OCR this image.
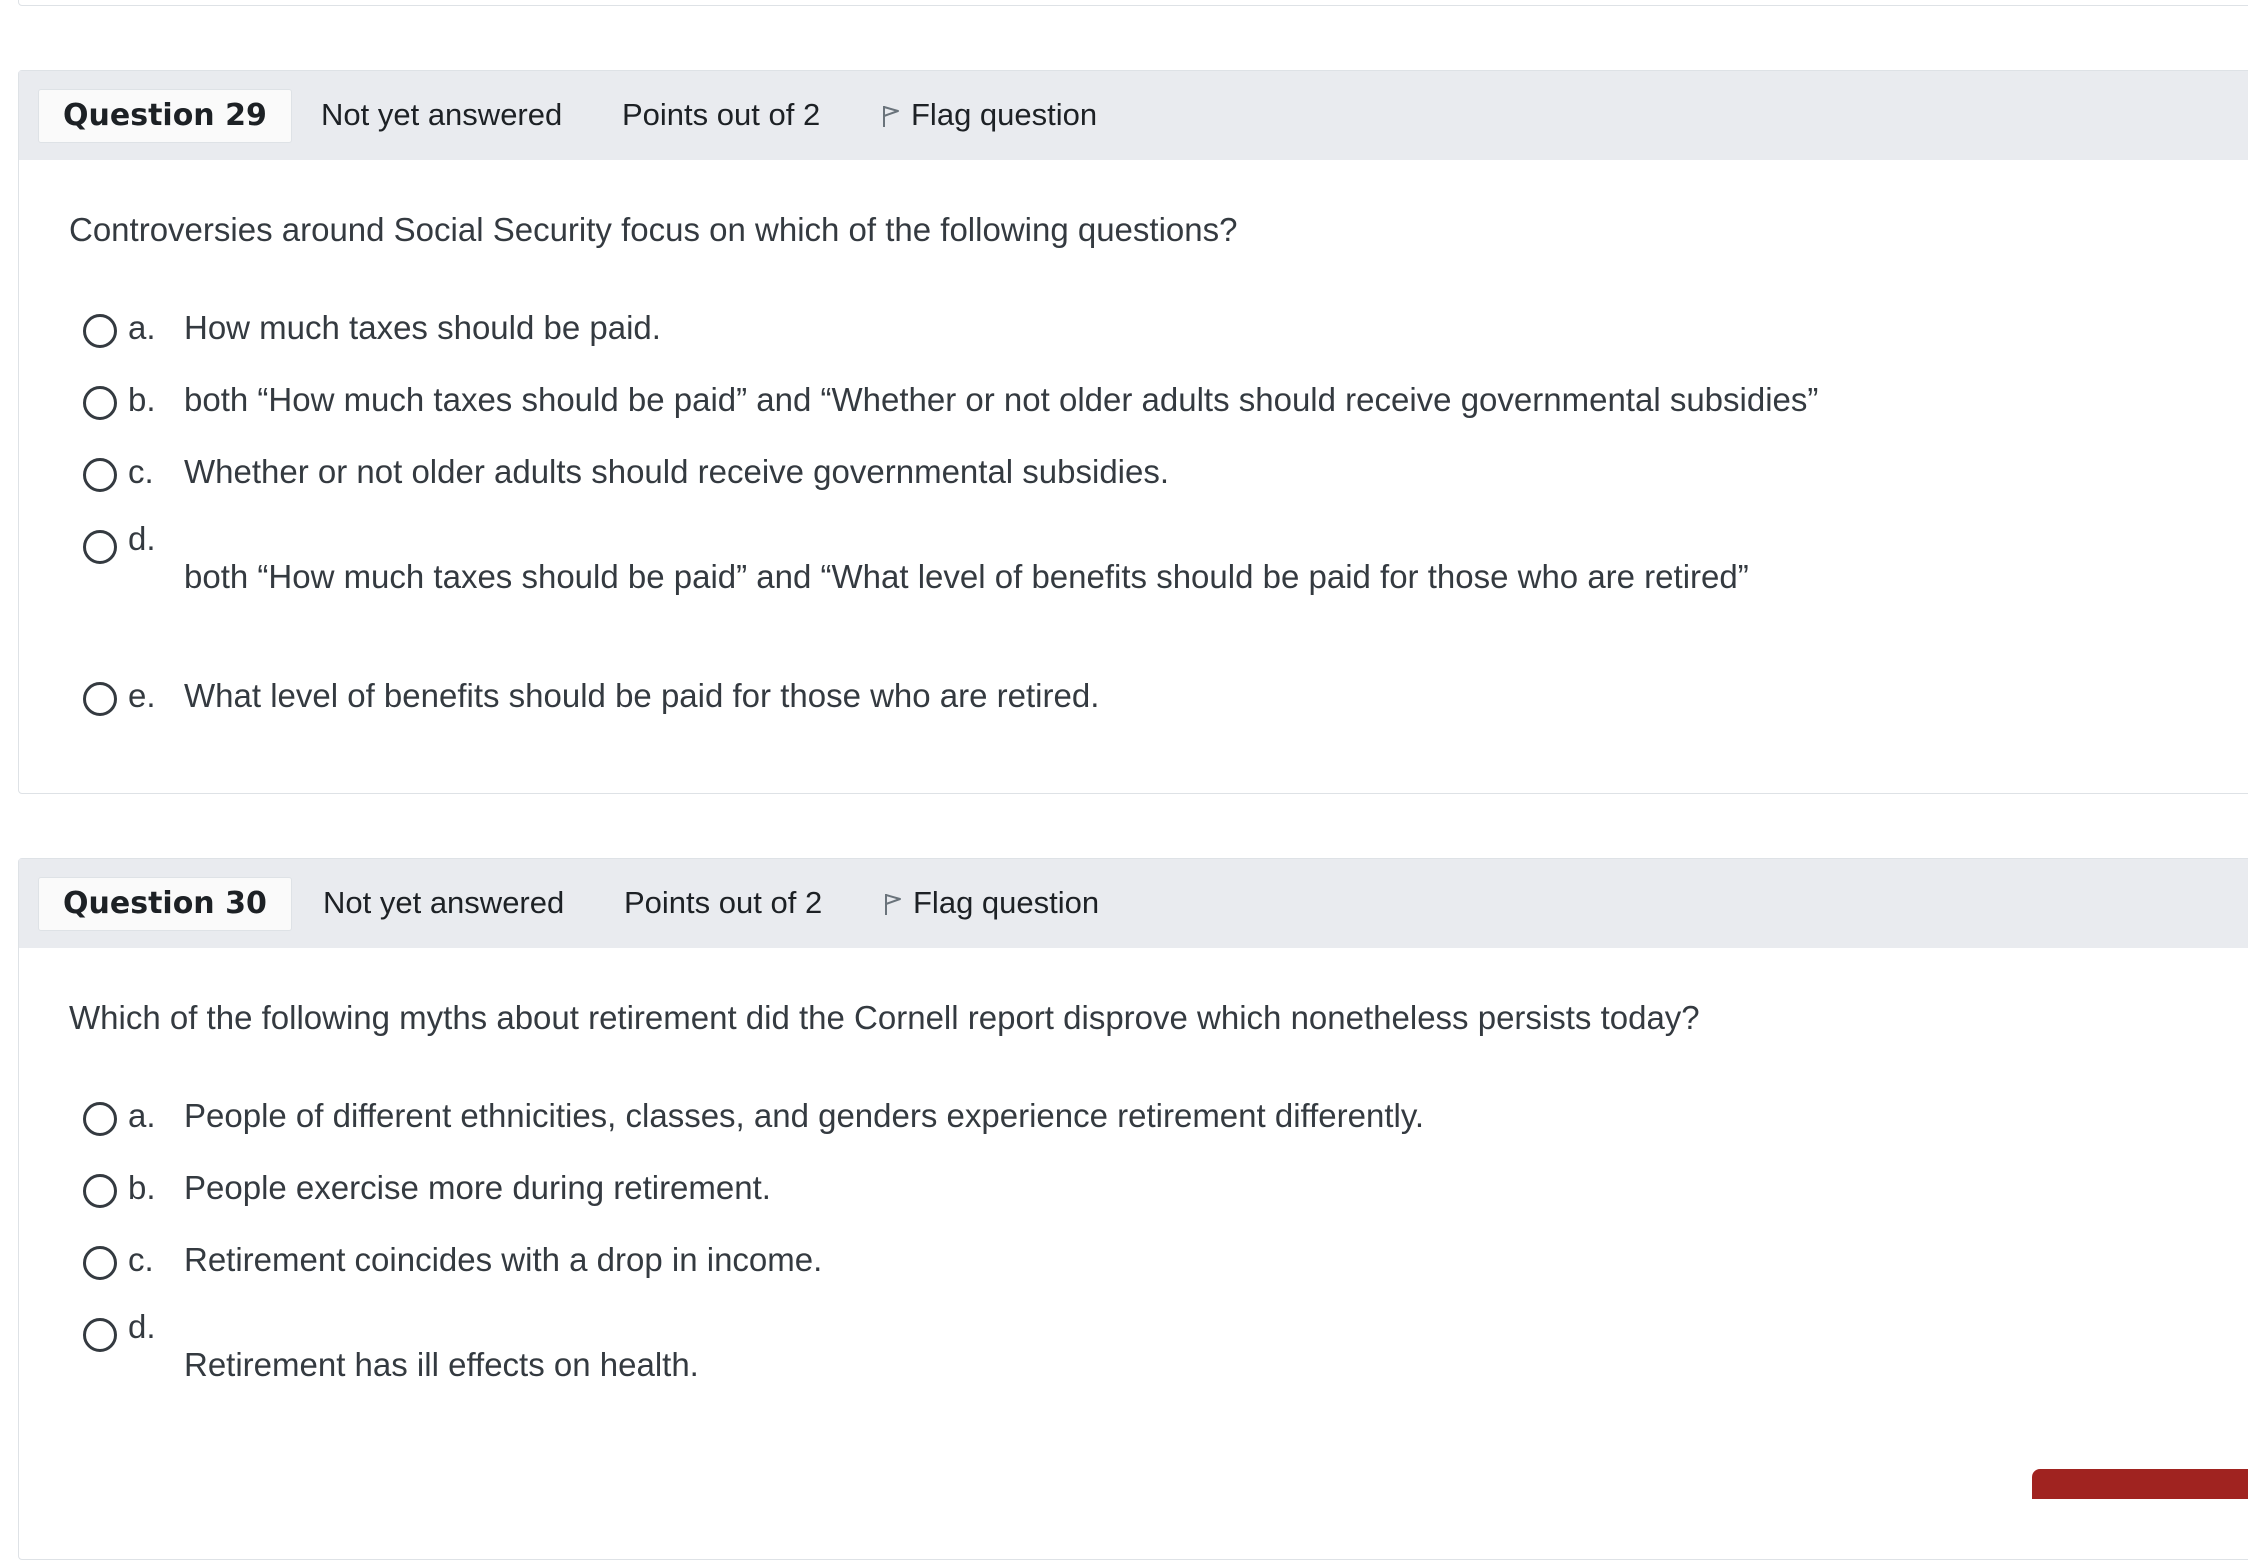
Question 29	Not yet answered Points out of 2	Flag question
Controversies around Social Security focus on which of the following questions?
a. How much taxes should be paid.
b. both “How much taxes should be paid” and “Whether or not older adults should receive governmental subsidies”
c. Whether or not older adults should receive governmental subsidies.
d.
both “How much taxes should be paid” and “What level of benefits should be paid for those who are retired”
e. What level of benefits should be paid for those who are retired.
Question 30	Not yet answered Points out of 2	Flag question
Which of the following myths about retirement did the Cornell report disprove which nonetheless persists today?
a. People of different ethnicities, classes, and genders experience retirement differently.
b. People exercise more during retirement.
c. Retirement coincides with a drop in income.
d.
Retirement has ill effects on health.
